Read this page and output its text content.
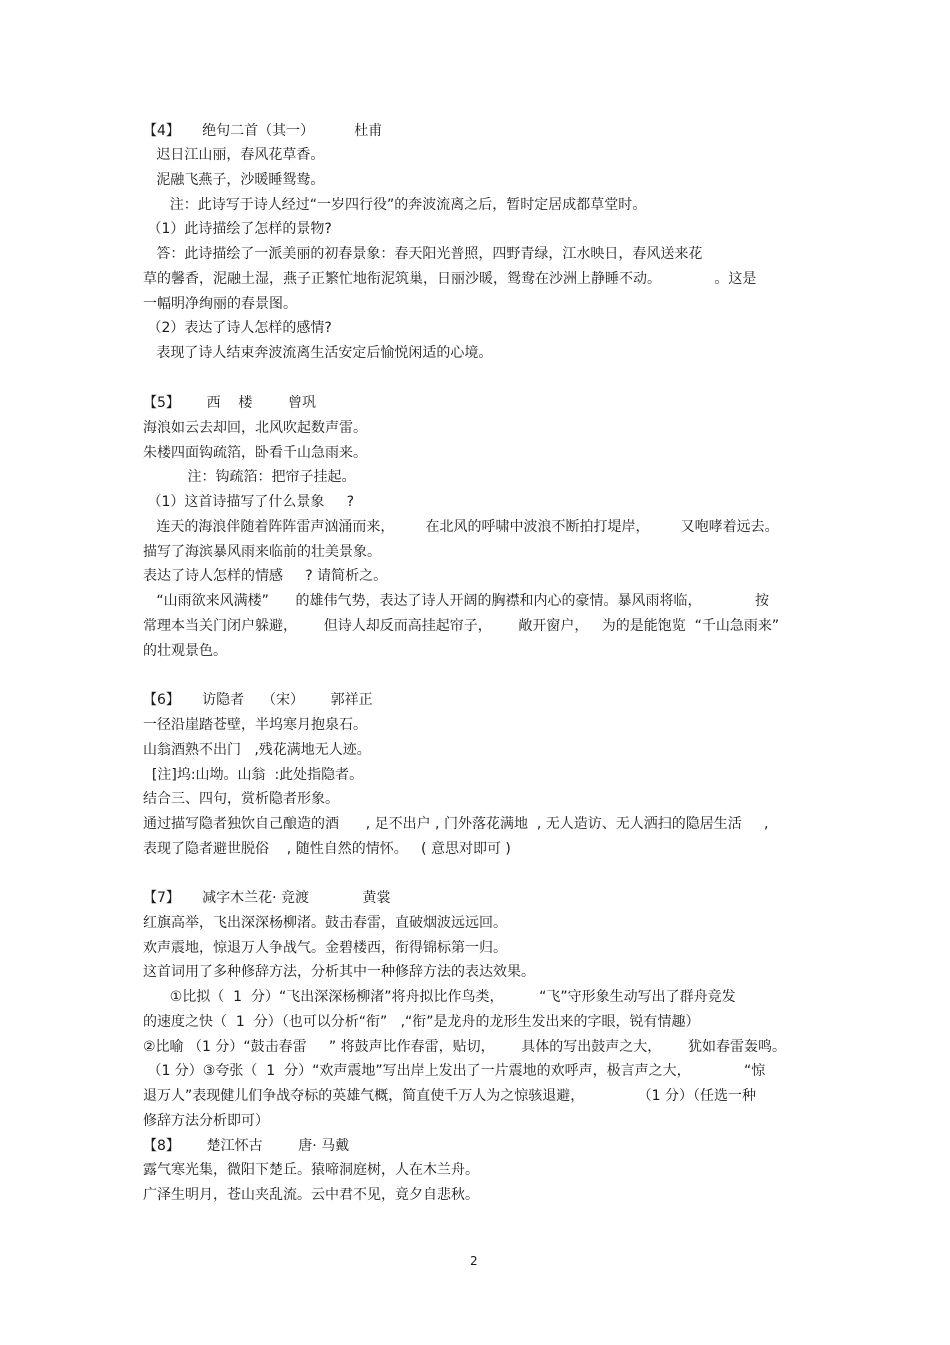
【4】     绝句二首（其一）         杜甫
迟日江山丽，春风花草香。
泥融飞燕子，沙暖睡鸳鸯。
注：此诗写于诗人经过“一岁四行役”的奔波流离之后，暂时定居成都草堂时。
（1）此诗描绘了怎样的景物?
答：此诗描绘了一派美丽的初春景象：春天阳光普照，四野青绿，江水映日，春风送来花
草的馨香，泥融土湿，燕子正繁忙地衔泥筑巢，日丽沙暖，鸳鸯在沙洲上静睡不动。            。这是
一幅明净绚丽的春景图。
（2）表达了诗人怎样的感情?
表现了诗人结束奔波流离生活安定后愉悦闲适的心境。
【5】      西    楼        曾巩
海浪如云去却回，北风吹起数声雷。
朱楼四面钩疏箔，卧看千山急雨来。
注：钩疏箔：把帘子挂起。
（1）这首诗描写了什么景象     ?
连天的海浪伴随着阵阵雷声汹涌而来，       在北风的呼啸中波浪不断拍打堤岸，       又咆哮着远去。
描写了海滨暴风雨来临前的壮美景象。
表达了诗人怎样的情感     ? 请简析之。
“山雨欲来风满楼”      的雄伟气势，表达了诗人开阔的胸襟和内心的豪情。暴风雨将临，            按
常理本当关门闭户躲避，      但诗人却反而高挂起帘子，      敞开窗户，   为的是能饱览  “千山急雨来”
的壮观景色。
【6】     访隐者    （宋）      郭祥正
一径沿崖踏苍壁，半坞寒月抱泉石。
山翁酒熟不出门   ,残花满地无人迹。
[注]坞:山坳。山翁  :此处指隐者。
结合三、四句，赏析隐者形象。
通过描写隐者独饮自己酿造的酒      , 足不出户 , 门外落花满地  , 无人造访、无人洒扫的隐居生活     ,
表现了隐者避世脱俗    , 随性自然的情怀。   ( 意思对即可 )
【7】     减字木兰花· 竞渡            黄裳
红旗高举，飞出深深杨柳渚。鼓击春雷，直破烟波远远回。
欢声震地，惊退万人争战气。金碧楼西，衔得锦标第一归。
这首词用了多种修辞方法，分析其中一种修辞方法的表达效果。
①比拟（  1  分）“飞出深深杨柳渚”将舟拟比作鸟类，        “飞”守形象生动写出了群舟竞发
的速度之快（  1  分）（也可以分析“衔”   ,“衔”是龙舟的龙形生发出来的字眼，锐有情趣）
②比喻 （1 分）“鼓击春雷     ” 将鼓声比作春雷，贴切，      具体的写出鼓声之大，      犹如春雷轰鸣。
（1 分）③夸张（  1  分）“欢声震地”写出岸上发出了一片震地的欢呼声，极言声之大，            “惊
退万人”表现健儿们争战夺标的英雄气概，简直使千万人为之惊骇退避，            （1 分）（任选一种
修辞方法分析即可）
【8】      楚江怀古        唐· 马戴
露气寒光集，微阳下楚丘。猿啼洞庭树，人在木兰舟。
广泽生明月，苍山夹乱流。云中君不见，竟夕自悲秋。
2
